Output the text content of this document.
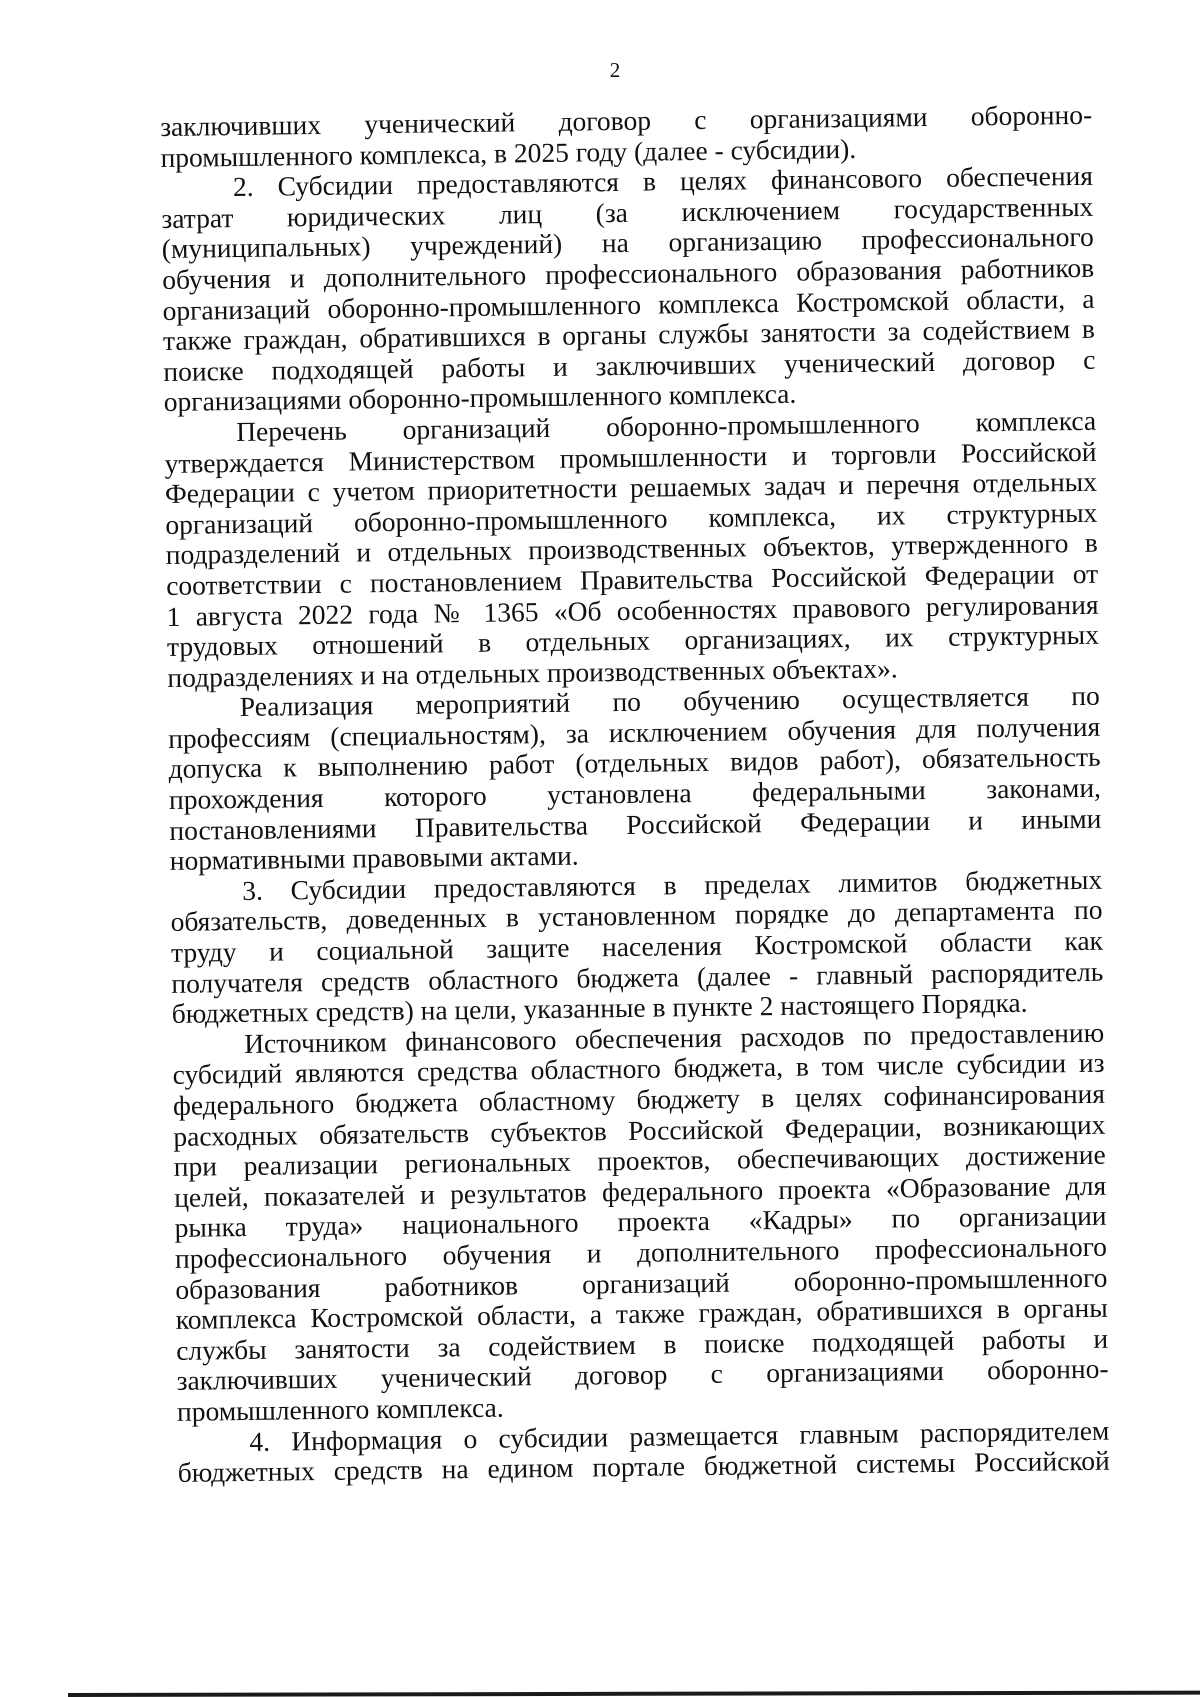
2
заключивших ученический договор с организациями оборонно-
промышленного комплекса, в 2025 году (далее - субсидии).
2. Субсидии предоставляются в целях финансового обеспечения
затрат юридических лиц (за исключением государственных
(муниципальных) учреждений) на организацию профессионального
обучения и дополнительного профессионального образования работников
организаций оборонно-промышленного комплекса Костромской области, а
также граждан, обратившихся в органы службы занятости за содействием в
поиске подходящей работы и заключивших ученический договор с
организациями оборонно-промышленного комплекса.
Перечень организаций оборонно-промышленного комплекса
утверждается Министерством промышленности и торговли Российской
Федерации с учетом приоритетности решаемых задач и перечня отдельных
организаций оборонно-промышленного комплекса, их структурных
подразделений и отдельных производственных объектов, утвержденного в
соответствии с постановлением Правительства Российской Федерации от
1 августа 2022 года № 1365 «Об особенностях правового регулирования
трудовых отношений в отдельных организациях, их структурных
подразделениях и на отдельных производственных объектах».
Реализация мероприятий по обучению осуществляется по
профессиям (специальностям), за исключением обучения для получения
допуска к выполнению работ (отдельных видов работ), обязательность
прохождения которого установлена федеральными законами,
постановлениями Правительства Российской Федерации и иными
нормативными правовыми актами.
3. Субсидии предоставляются в пределах лимитов бюджетных
обязательств, доведенных в установленном порядке до департамента по
труду и социальной защите населения Костромской области как
получателя средств областного бюджета (далее - главный распорядитель
бюджетных средств) на цели, указанные в пункте 2 настоящего Порядка.
Источником финансового обеспечения расходов по предоставлению
субсидий являются средства областного бюджета, в том числе субсидии из
федерального бюджета областному бюджету в целях софинансирования
расходных обязательств субъектов Российской Федерации, возникающих
при реализации региональных проектов, обеспечивающих достижение
целей, показателей и результатов федерального проекта «Образование для
рынка труда» национального проекта «Кадры» по организации
профессионального обучения и дополнительного профессионального
образования работников организаций оборонно-промышленного
комплекса Костромской области, а также граждан, обратившихся в органы
службы занятости за содействием в поиске подходящей работы и
заключивших ученический договор с организациями оборонно-
промышленного комплекса.
4. Информация о субсидии размещается главным распорядителем
бюджетных средств на едином портале бюджетной системы Российской
